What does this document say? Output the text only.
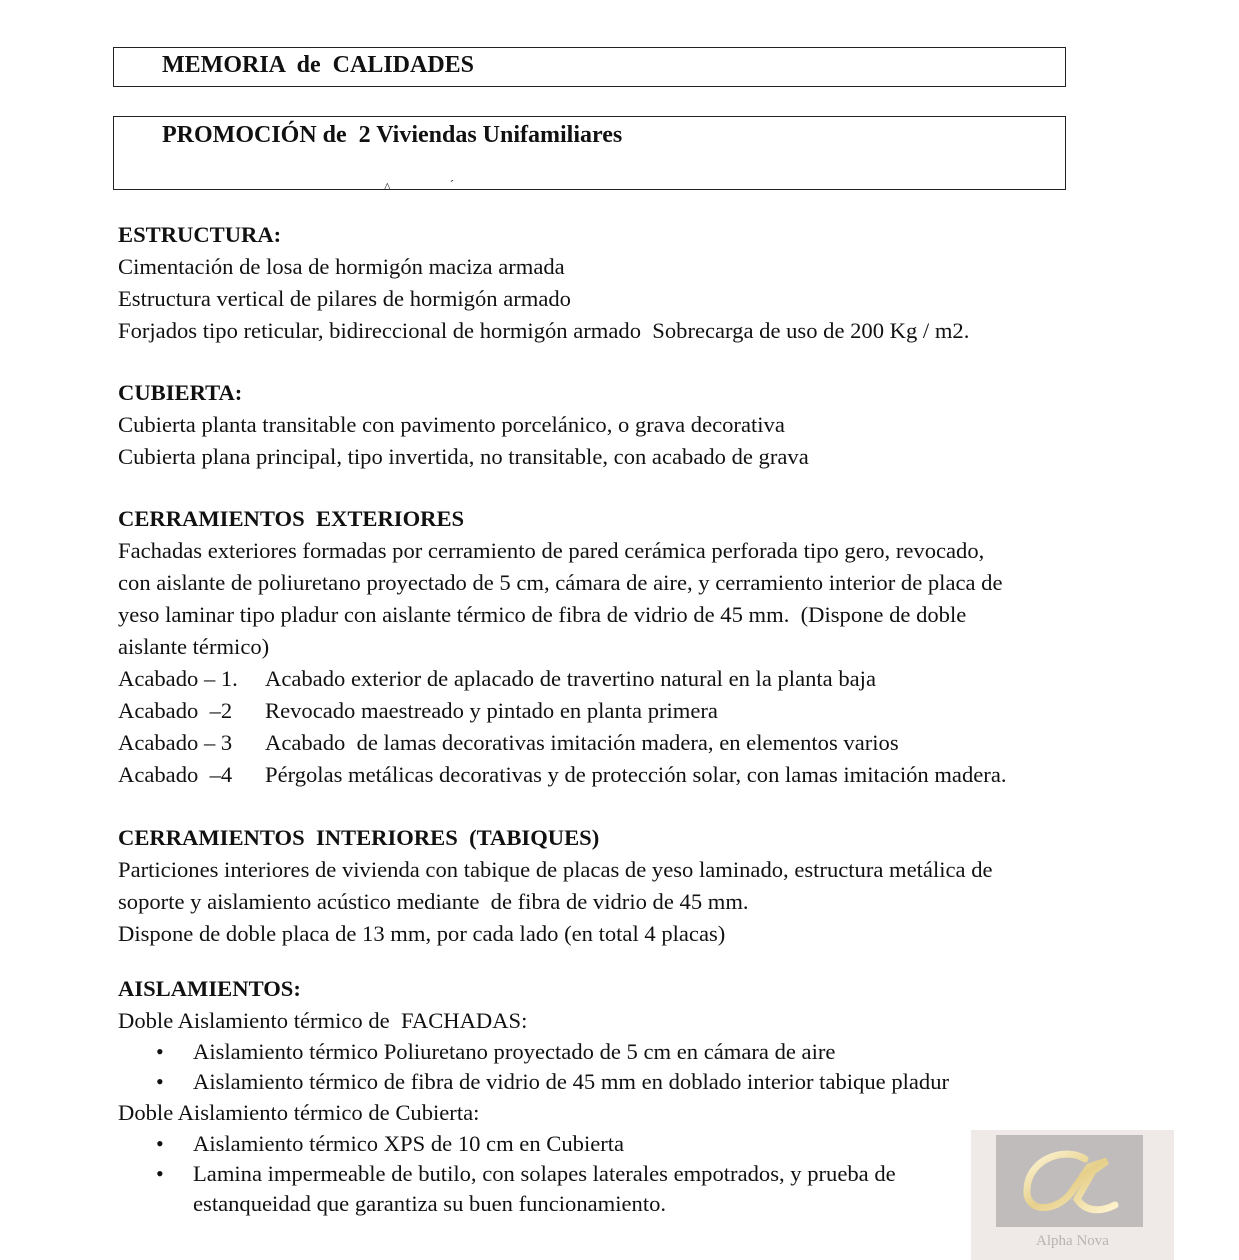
MEMORIA  de  CALIDADES
PROMOCIÓN de  2 Viviendas Unifamiliares
^                  ́
ESTRUCTURA:
Cimentación de losa de hormigón maciza armada
Estructura vertical de pilares de hormigón armado
Forjados tipo reticular, bidireccional de hormigón armado  Sobrecarga de uso de 200 Kg / m2.
CUBIERTA:
Cubierta planta transitable con pavimento porcelánico, o grava decorativa
Cubierta plana principal, tipo invertida, no transitable, con acabado de grava
CERRAMIENTOS  EXTERIORES
Fachadas exteriores formadas por cerramiento de pared cerámica perforada tipo gero, revocado,
con aislante de poliuretano proyectado de 5 cm, cámara de aire, y cerramiento interior de placa de
yeso laminar tipo pladur con aislante térmico de fibra de vidrio de 45 mm.  (Dispone de doble
aislante térmico)
Acabado – 1.	Acabado exterior de aplacado de travertino natural en la planta baja
Acabado  –2	Revocado maestreado y pintado en planta primera
Acabado – 3	Acabado  de lamas decorativas imitación madera, en elementos varios
Acabado  –4	Pérgolas metálicas decorativas y de protección solar, con lamas imitación madera.
CERRAMIENTOS  INTERIORES  (TABIQUES)
Particiones interiores de vivienda con tabique de placas de yeso laminado, estructura metálica de
soporte y aislamiento acústico mediante  de fibra de vidrio de 45 mm.
Dispone de doble placa de 13 mm, por cada lado (en total 4 placas)
AISLAMIENTOS:
Doble Aislamiento térmico de  FACHADAS:
• Aislamiento térmico Poliuretano proyectado de 5 cm en cámara de aire
• Aislamiento térmico de fibra de vidrio de 45 mm en doblado interior tabique pladur
Doble Aislamiento térmico de Cubierta:
• Aislamiento térmico XPS de 10 cm en Cubierta
• Lamina impermeable de butilo, con solapes laterales empotrados, y prueba de
estanqueidad que garantiza su buen funcionamiento.
Alpha Nova
